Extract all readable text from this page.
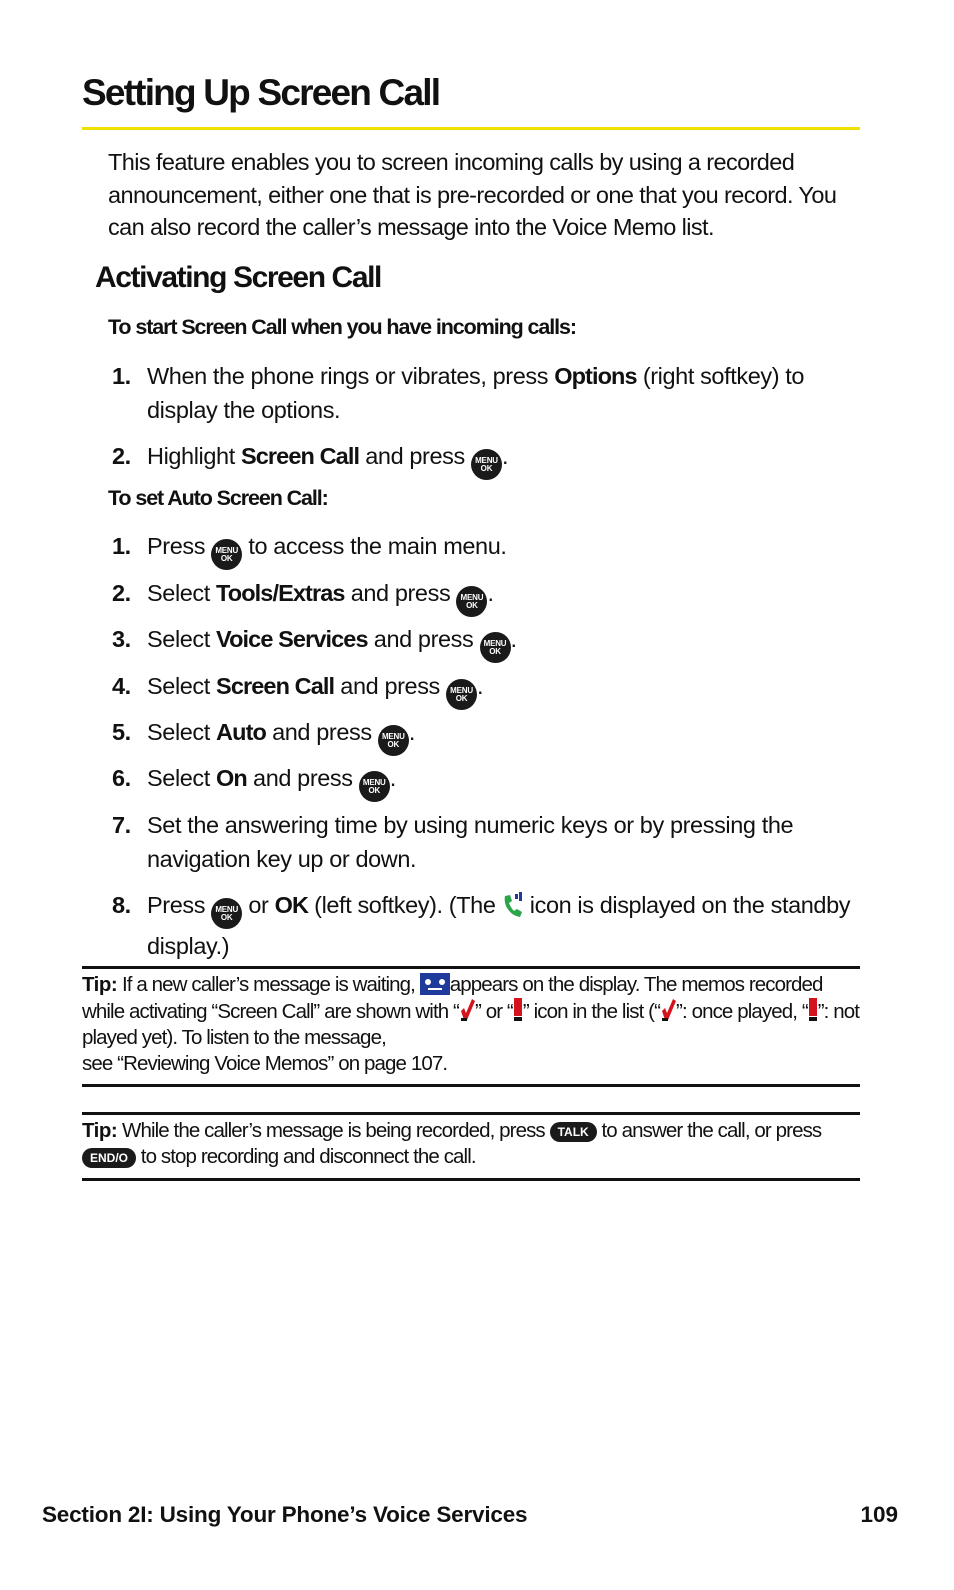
Setting Up Screen Call

This feature enables you to screen incoming calls by using a recorded announcement, either one that is pre-recorded or one that you record. You can also record the caller’s message into the Voice Memo list.

Activating Screen Call
To start Screen Call when you have incoming calls:
1. When the phone rings or vibrates, press Options (right softkey) to display the options.
2. Highlight Screen Call and press MENU
OK .
To set Auto Screen Call:
1. Press MENU
OK to access the main menu.
2. Select Tools/Extras and press MENU
OK .
3. Select Voice Services and press MENU
OK .
4. Select Screen Call and press MENU
OK .
5. Select Auto and press MENU
OK .
6. Select On and press MENU
OK .
7. Set the answering time by using numeric keys or by pressing the navigation key up or down.
8. Press MENU
OK or OK (left softkey). (The  icon is displayed on the standby display.)
Tip: If a new caller’s message is waiting, appears on the display. The memos recorded while activating “Screen Call” are shown with “ ” or “ ” icon in the list (“ ”: once played, “ ”: not played yet). To listen to the message,
see “Reviewing Voice Memos” on page 107.
Tip: While the caller’s message is being recorded, press TALK to answer the call, or press END/O to stop recording and disconnect the call.
Section 2I: Using Your Phone’s Voice Services	109
